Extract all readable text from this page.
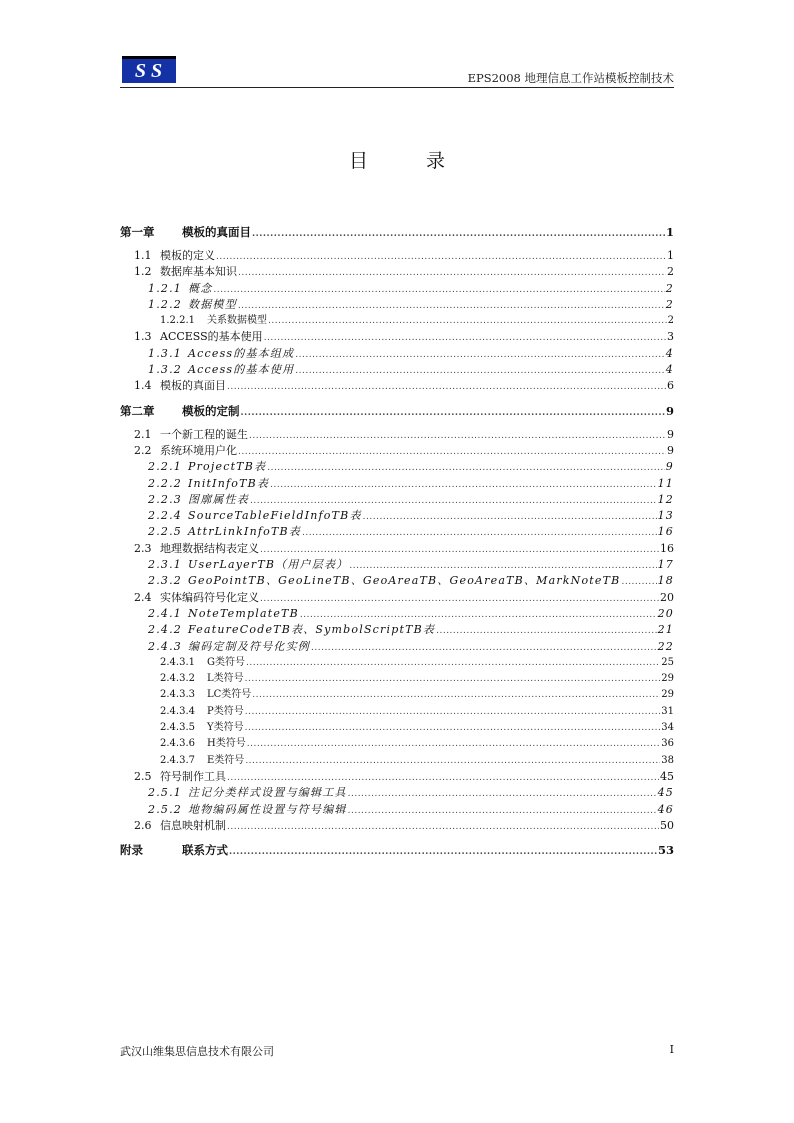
SS	EPS2008 地理信息工作站模板控制技术
目 录
第一章	模板的真面目 .....	1
1.1 模板的定义 .....	1
1.2 数据库基本知识 .....	2
1.2.1 概念 .....	2
1.2.2 数据模型 .....	2
1.2.2.1	关系数据模型 .....	2
1.3 ACCESS的基本使用 .....	3
1.3.1 Access的基本组成 .....	4
1.3.2 Access的基本使用 .....	4
1.4 模板的真面目 .....	6
第二章	模板的定制 .....	9
2.1 一个新工程的诞生 .....	9
2.2 系统环境用户化 .....	9
2.2.1 ProjectTB表 .....	9
2.2.2 InitInfoTB表 .....	11
2.2.3 图廓属性表 .....	12
2.2.4 SourceTableFieldInfoTB表 .....	13
2.2.5 AttrLinkInfoTB表 .....	16
2.3 地理数据结构表定义 .....	16
2.3.1 UserLayerTB（用户层表） .....	17
2.3.2 GeoPointTB、GeoLineTB、GeoAreaTB、GeoAreaTB、MarkNoteTB .....	18
2.4 实体编码符号化定义 .....	20
2.4.1 NoteTemplateTB .....	20
2.4.2 FeatureCodeTB表、SymbolScriptTB表 .....	21
2.4.3 编码定制及符号化实例 .....	22
2.4.3.1	G类符号 .....	25
2.4.3.2	L类符号 .....	29
2.4.3.3	LC类符号 .....	29
2.4.3.4	P类符号 .....	31
2.4.3.5	Y类符号 .....	34
2.4.3.6	H类符号 .....	36
2.4.3.7	E类符号 .....	38
2.5 符号制作工具 .....	45
2.5.1 注记分类样式设置与编辑工具 .....	45
2.5.2 地物编码属性设置与符号编辑 .....	46
2.6 信息映射机制 .....	50
附录	联系方式 .....	53
武汉山维集思信息技术有限公司	I
